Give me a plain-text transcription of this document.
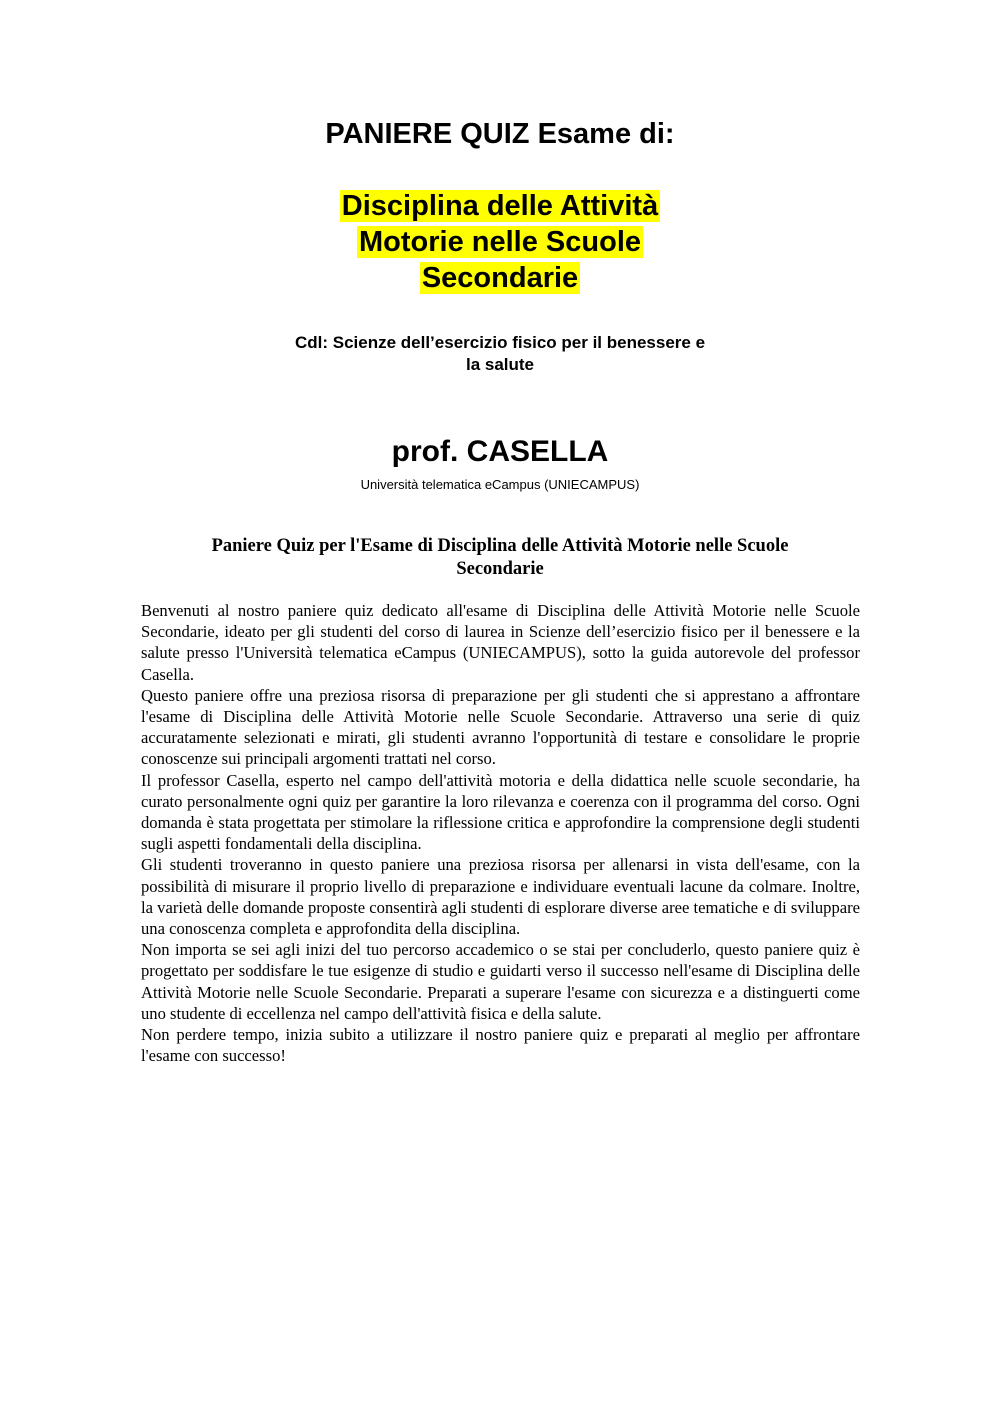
PANIERE QUIZ Esame di:
Disciplina delle Attività
Motorie nelle Scuole
Secondarie
Cdl: Scienze dell’esercizio fisico per il benessere e
la salute
prof. CASELLA
Università telematica eCampus (UNIECAMPUS)
Paniere Quiz per l'Esame di Disciplina delle Attività Motorie nelle Scuole
Secondarie

Benvenuti al nostro paniere quiz dedicato all'esame di Disciplina delle Attività Motorie nelle Scuole Secondarie, ideato per gli studenti del corso di laurea in Scienze dell’esercizio fisico per il benessere e la salute presso l'Università telematica eCampus (UNIECAMPUS), sotto la guida autorevole del professor Casella.

Questo paniere offre una preziosa risorsa di preparazione per gli studenti che si apprestano a affrontare l'esame di Disciplina delle Attività Motorie nelle Scuole Secondarie. Attraverso una serie di quiz accuratamente selezionati e mirati, gli studenti avranno l'opportunità di testare e consolidare le proprie conoscenze sui principali argomenti trattati nel corso.

Il professor Casella, esperto nel campo dell'attività motoria e della didattica nelle scuole secondarie, ha curato personalmente ogni quiz per garantire la loro rilevanza e coerenza con il programma del corso. Ogni domanda è stata progettata per stimolare la riflessione critica e approfondire la comprensione degli studenti sugli aspetti fondamentali della disciplina.

Gli studenti troveranno in questo paniere una preziosa risorsa per allenarsi in vista dell'esame, con la possibilità di misurare il proprio livello di preparazione e individuare eventuali lacune da colmare. Inoltre, la varietà delle domande proposte consentirà agli studenti di esplorare diverse aree tematiche e di sviluppare una conoscenza completa e approfondita della disciplina.

Non importa se sei agli inizi del tuo percorso accademico o se stai per concluderlo, questo paniere quiz è progettato per soddisfare le tue esigenze di studio e guidarti verso il successo nell'esame di Disciplina delle Attività Motorie nelle Scuole Secondarie. Preparati a superare l'esame con sicurezza e a distinguerti come uno studente di eccellenza nel campo dell'attività fisica e della salute.

Non perdere tempo, inizia subito a utilizzare il nostro paniere quiz e preparati al meglio per affrontare l'esame con successo!
